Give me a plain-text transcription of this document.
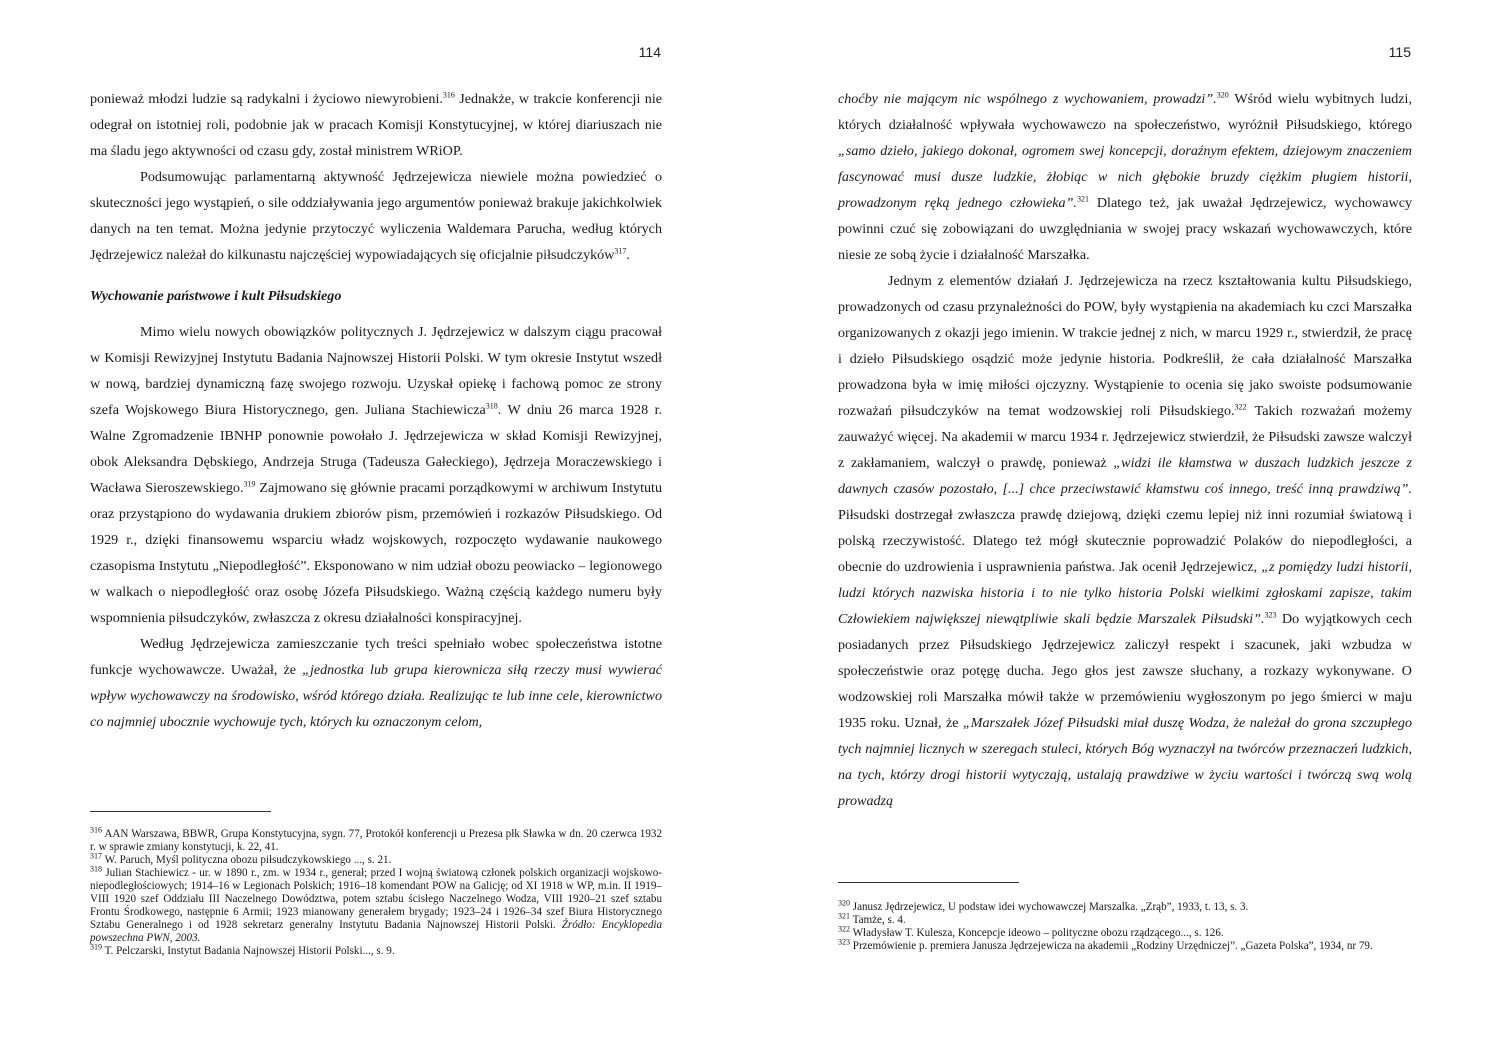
114

ponieważ młodzi ludzie są radykalni i życiowo niewyrobieni.$^{316}$ Jednakże, w trakcie konferencji nie odegrał on istotniej roli, podobnie jak w pracach Komisji Konstytucyjnej, w której diariuszach nie ma śladu jego aktywności od czasu gdy, został ministrem WRiOP.

Podsumowując parlamentarną aktywność Jędrzejewicza niewiele można powiedzieć o skuteczności jego wystąpień, o sile oddziaływania jego argumentów ponieważ brakuje jakichkolwiek danych na ten temat. Można jedynie przytoczyć wyliczenia Waldemara Parucha, według których Jędrzejewicz należał do kilkunastu najczęściej wypowiadających się oficjalnie piłsudczyków$^{317}$.

Wychowanie państwowe i kult Piłsudskiego

Mimo wielu nowych obowiązków politycznych J. Jędrzejewicz w dalszym ciągu pracował w Komisji Rewizyjnej Instytutu Badania Najnowszej Historii Polski. W tym okresie Instytut wszedł w nową, bardziej dynamiczną fazę swojego rozwoju. Uzyskał opiekę i fachową pomoc ze strony szefa Wojskowego Biura Historycznego, gen. Juliana Stachiewicza$^{318}$. W dniu 26 marca 1928 r. Walne Zgromadzenie IBNHP ponownie powołało J. Jędrzejewicza w skład Komisji Rewizyjnej, obok Aleksandra Dębskiego, Andrzeja Struga (Tadeusza Gałeckiego), Jędrzeja Moraczewskiego i Wacława Sieroszewskiego.$^{319}$ Zajmowano się głównie pracami porządkowymi w archiwum Instytutu oraz przystąpiono do wydawania drukiem zbiorów pism, przemówień i rozkazów Piłsudskiego. Od 1929 r., dzięki finansowemu wsparciu władz wojskowych, rozpoczęto wydawanie naukowego czasopisma Instytutu „Niepodległość”. Eksponowano w nim udział obozu peowiacko – legionowego w walkach o niepodległość oraz osobę Józefa Piłsudskiego. Ważną częścią każdego numeru były wspomnienia piłsudczyków, zwłaszcza z okresu działalności konspiracyjnej.

Według Jędrzejewicza zamieszczanie tych treści spełniało wobec społeczeństwa istotne funkcje wychowawcze. Uważał, że „jednostka lub grupa kierownicza siłą rzeczy musi wywierać wpływ wychowawczy na środowisko, wśród którego działa. Realizując te lub inne cele, kierownictwo co najmniej ubocznie wychowuje tych, których ku oznaczonym celom,

$^{316}$ AAN Warszawa, BBWR, Grupa Konstytucyjna, sygn. 77, Protokół konferencji u Prezesa płk Sławka w dn. 20 czerwca 1932 r. w sprawie zmiany konstytucji, k. 22, 41.

$^{317}$ W. Paruch, Myśl polityczna obozu piłsudczykowskiego ..., s. 21.

$^{318}$ Julian Stachiewicz - ur. w 1890 r., zm. w 1934 r., generał; przed I wojną światową członek polskich organizacji wojskowo-niepodległościowych; 1914–16 w Legionach Polskich; 1916–18 komendant POW na Galicję; od XI 1918 w WP, m.in. II 1919–VIII 1920 szef Oddziału III Naczelnego Dowództwa, potem sztabu ścisłego Naczelnego Wodza, VIII 1920–21 szef sztabu Frontu Środkowego, następnie 6 Armii; 1923 mianowany generałem brygady; 1923–24 i 1926–34 szef Biura Historycznego Sztabu Generalnego i od 1928 sekretarz generalny Instytutu Badania Najnowszej Historii Polski. Źródło: Encyklopedia powszechna PWN, 2003.

$^{319}$ T. Pelczarski, Instytut Badania Najnowszej Historii Polski..., s. 9.

115

choćby nie mającym nic wspólnego z wychowaniem, prowadzi”.$^{320}$ Wśród wielu wybitnych ludzi, których działalność wpływała wychowawczo na społeczeństwo, wyróżnił Piłsudskiego, którego „samo dzieło, jakiego dokonał, ogromem swej koncepcji, doraźnym efektem, dziejowym znaczeniem fascynować musi dusze ludzkie, żłobiąc w nich głębokie bruzdy ciężkim pługiem historii, prowadzonym ręką jednego człowieka”.$^{321}$ Dlatego też, jak uważał Jędrzejewicz, wychowawcy powinni czuć się zobowiązani do uwzględniania w swojej pracy wskazań wychowawczych, które niesie ze sobą życie i działalność Marszałka.

Jednym z elementów działań J. Jędrzejewicza na rzecz kształtowania kultu Piłsudskiego, prowadzonych od czasu przynależności do POW, były wystąpienia na akademiach ku czci Marszałka organizowanych z okazji jego imienin. W trakcie jednej z nich, w marcu 1929 r., stwierdził, że pracę i dzieło Piłsudskiego osądzić może jedynie historia. Podkreślił, że cała działalność Marszałka prowadzona była w imię miłości ojczyzny. Wystąpienie to ocenia się jako swoiste podsumowanie rozważań piłsudczyków na temat wodzowskiej roli Piłsudskiego.$^{322}$ Takich rozważań możemy zauważyć więcej. Na akademii w marcu 1934 r. Jędrzejewicz stwierdził, że Piłsudski zawsze walczył z zakłamaniem, walczył o prawdę, ponieważ „widzi ile kłamstwa w duszach ludzkich jeszcze z dawnych czasów pozostało, [...] chce przeciwstawić kłamstwu coś innego, treść inną prawdziwą”. Piłsudski dostrzegał zwłaszcza prawdę dziejową, dzięki czemu lepiej niż inni rozumiał światową i polską rzeczywistość. Dlatego też mógł skutecznie poprowadzić Polaków do niepodległości, a obecnie do uzdrowienia i usprawnienia państwa. Jak ocenił Jędrzejewicz, „z pomiędzy ludzi historii, ludzi których nazwiska historia i to nie tylko historia Polski wielkimi zgłoskami zapisze, takim Człowiekiem największej niewątpliwie skali będzie Marszalek Piłsudski”.$^{323}$ Do wyjątkowych cech posiadanych przez Piłsudskiego Jędrzejewicz zaliczył respekt i szacunek, jaki wzbudza w społeczeństwie oraz potęgę ducha. Jego głos jest zawsze słuchany, a rozkazy wykonywane. O wodzowskiej roli Marszałka mówił także w przemówieniu wygłoszonym po jego śmierci w maju 1935 roku. Uznał, że „Marszałek Józef Piłsudski miał duszę Wodza, że należał do grona szczupłego tych najmniej licznych w szeregach stuleci, których Bóg wyznaczył na twórców przeznaczeń ludzkich, na tych, którzy drogi historii wytyczają, ustalają prawdziwe w życiu wartości i twórczą swą wolą prowadzą

$^{320}$ Janusz Jędrzejewicz, U podstaw idei wychowawczej Marszalka. „Zrąb”, 1933, t. 13, s. 3.

$^{321}$ Tamże, s. 4.

$^{322}$ Władysław T. Kulesza, Koncepcje ideowo – polityczne obozu rządzącego..., s. 126.

$^{323}$ Przemówienie p. premiera Janusza Jędrzejewicza na akademii „Rodziny Urzędniczej”. „Gazeta Polska”, 1934, nr 79.
